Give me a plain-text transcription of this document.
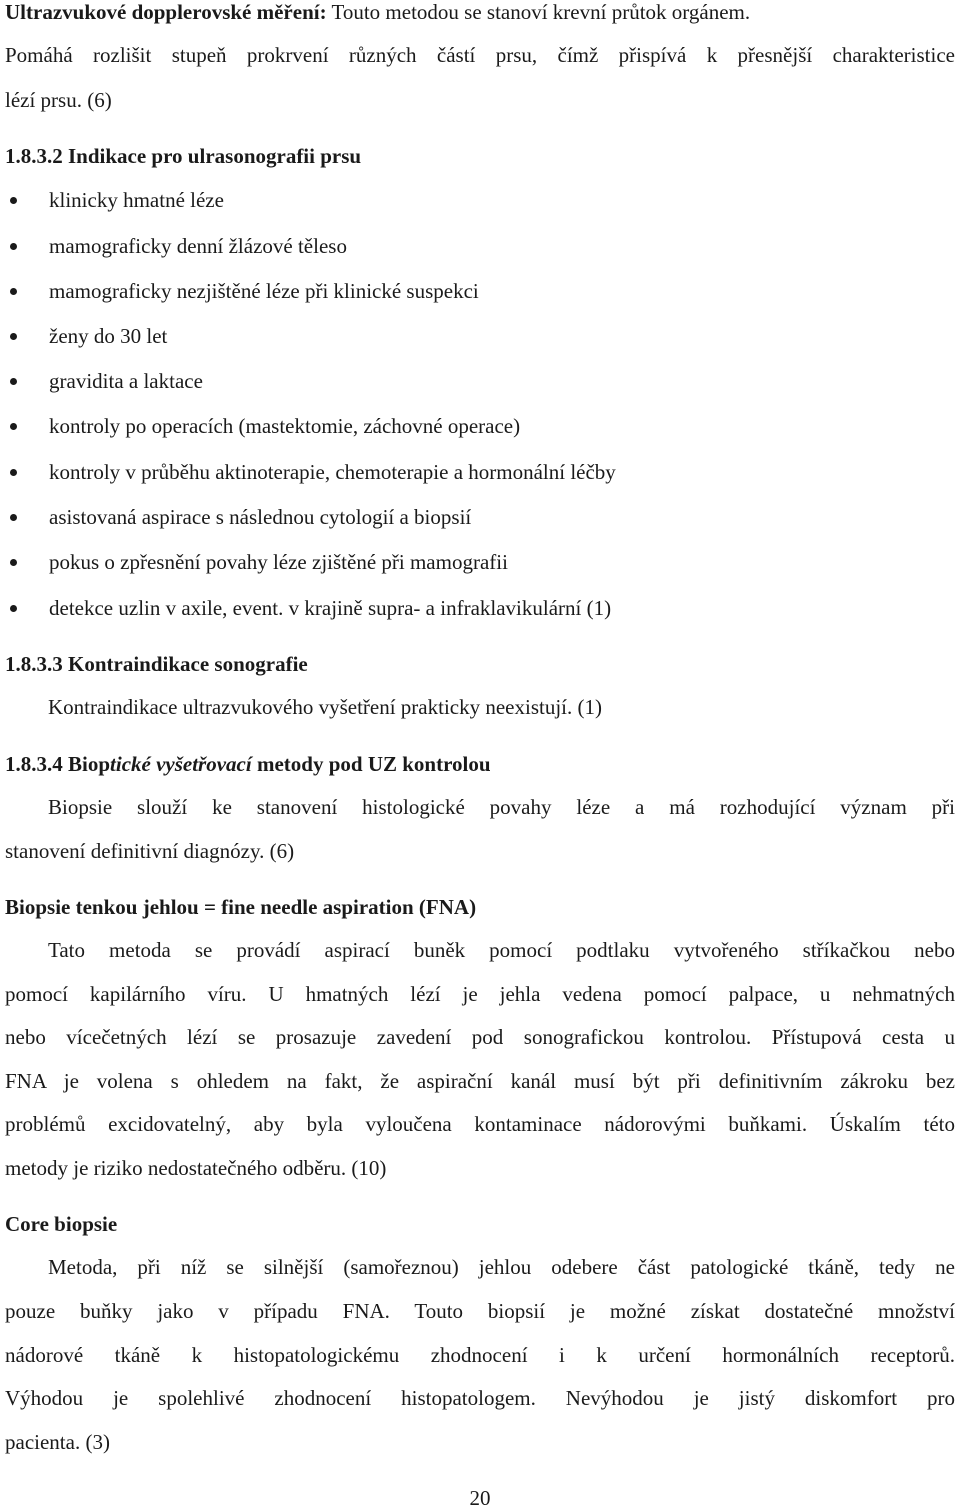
Ultrazvukové dopplerovské měření: Touto metodou se stanoví krevní průtok orgánem.
Pomáhá rozlišit stupeň prokrvení různých částí prsu, čímž přispívá k přesnější charakteristice
lézí prsu. (6)
1.8.3.2 Indikace pro ulrasonografii prsu
klinicky hmatné léze
mamograficky denní žlázové těleso
mamograficky nezjištěné léze při klinické suspekci
ženy do 30 let
gravidita a laktace
kontroly po operacích (mastektomie, záchovné operace)
kontroly v průběhu aktinoterapie, chemoterapie a hormonální léčby
asistovaná aspirace s následnou cytologií a biopsií
pokus o zpřesnění povahy léze zjištěné při mamografii
detekce uzlin v axile, event. v krajině supra- a infraklavikulární (1)
1.8.3.3 Kontraindikace sonografie
Kontraindikace ultrazvukového vyšetření prakticky neexistují. (1)
1.8.3.4 Bioptické vyšetřovací metody pod UZ kontrolou
Biopsie slouží ke stanovení histologické povahy léze a má rozhodující význam při
stanovení definitivní diagnózy. (6)
Biopsie tenkou jehlou = fine needle aspiration (FNA)
Tato metoda se provádí aspirací buněk pomocí podtlaku vytvořeného stříkačkou nebo
pomocí kapilárního víru. U hmatných lézí je jehla vedena pomocí palpace, u nehmatných
nebo vícečetných lézí se prosazuje zavedení pod sonografickou kontrolou. Přístupová cesta u
FNA je volena s ohledem na fakt, že aspirační kanál musí být při definitivním zákroku bez
problémů excidovatelný, aby byla vyloučena kontaminace nádorovými buňkami. Úskalím této
metody je riziko nedostatečného odběru. (10)
Core biopsie
Metoda, při níž se silnější (samořeznou) jehlou odebere část patologické tkáně, tedy ne
pouze buňky jako v případu FNA. Touto biopsií je možné získat dostatečné množství
nádorové tkáně k histopatologickému zhodnocení i k určení hormonálních receptorů.
Výhodou je spolehlivé zhodnocení histopatologem. Nevýhodou je jistý diskomfort pro
pacienta. (3)
20
